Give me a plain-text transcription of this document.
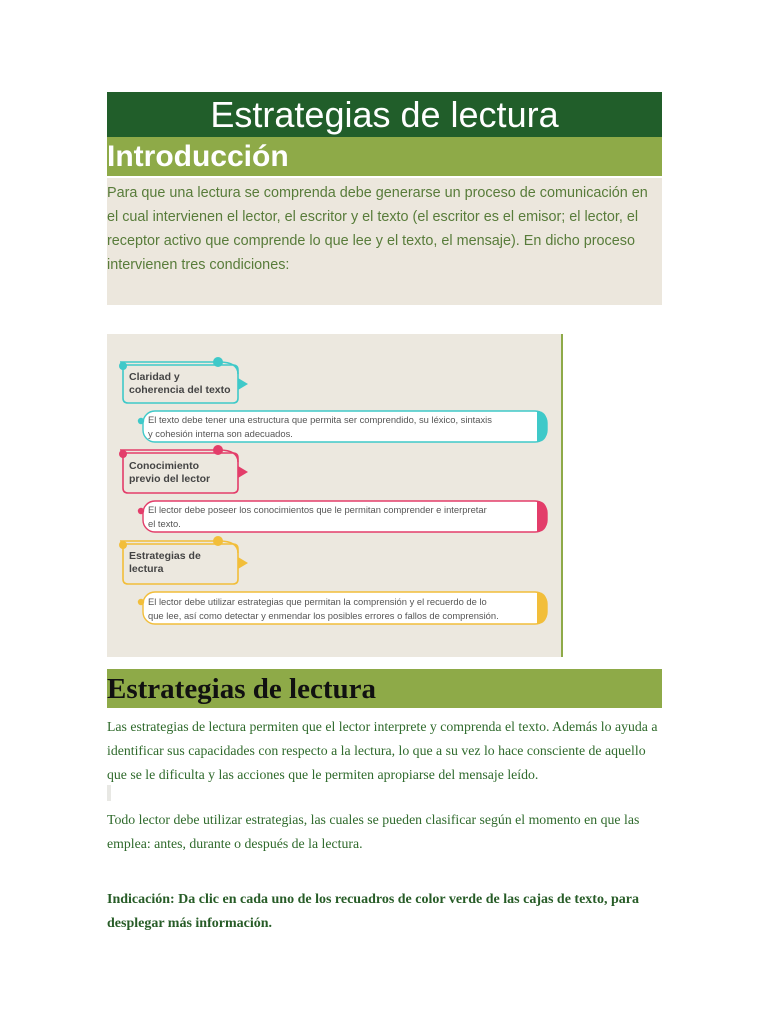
Estrategias de lectura
Introducción
Para que una lectura se comprenda debe generarse un proceso de comunicación en el cual intervienen el lector, el escritor y el texto (el escritor es el emisor; el lector, el receptor activo que comprende lo que lee y el texto, el mensaje). En dicho proceso intervienen tres condiciones:
Claridad y
coherencia del texto
El texto debe tener una estructura que permita ser comprendido, su léxico, sintaxis
y cohesión interna son adecuados.
Conocimiento
previo del lector
El lector debe poseer los conocimientos que le permitan comprender e interpretar
el texto.
Estrategias de
lectura
El lector debe utilizar estrategias que permitan la comprensión y el recuerdo de lo
que lee, así como detectar y enmendar los posibles errores o fallos de comprensión.
Estrategias de lectura
Las estrategias de lectura permiten que el lector interprete y comprenda el texto. Además lo ayuda a identificar sus capacidades con respecto a la lectura, lo que a su vez lo hace consciente de aquello que se le dificulta y las acciones que le permiten apropiarse del mensaje leído.
Todo lector debe utilizar estrategias, las cuales se pueden clasificar según el momento en que las emplea: antes, durante o después de la lectura.
Indicación: Da clic en cada uno de los recuadros de color verde de las cajas de texto, para desplegar más información.
